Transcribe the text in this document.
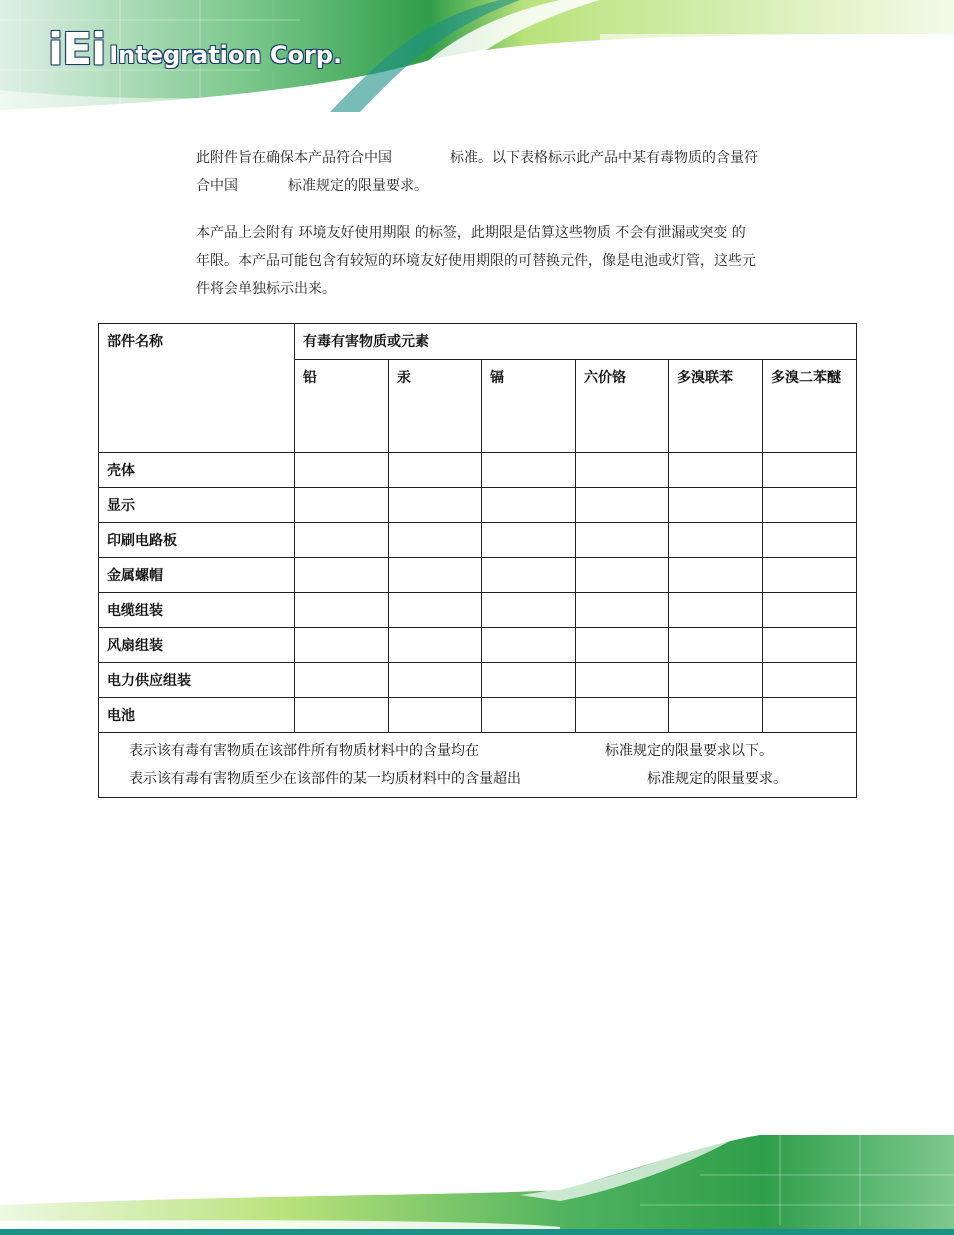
iEi Integration Corp.

此附件旨在确保本产品符合中国	标准。以下表格标示此产品中某有毒物质的含量符

合中国	标准规定的限量要求。

本产品上会附有 环境友好使用期限 的标签，此期限是估算这些物质 不会有泄漏或突变 的

年限。本产品可能包含有较短的环境友好使用期限的可替换元件，像是电池或灯管，这些元

件将会单独标示出来。

部件名称	有毒有害物质或元素					
	铅	汞	镉	六价铬	多溴联苯	多溴二苯醚
壳体						
显示						
印刷电路板						
金属螺帽						
电缆组装						
风扇组装						
电力供应组装						
电池						

表示该有毒有害物质在该部件所有物质材料中的含量均在 标准规定的限量要求以下。
表示该有毒有害物质至少在该部件的某一均质材料中的含量超出 标准规定的限量要求。						
